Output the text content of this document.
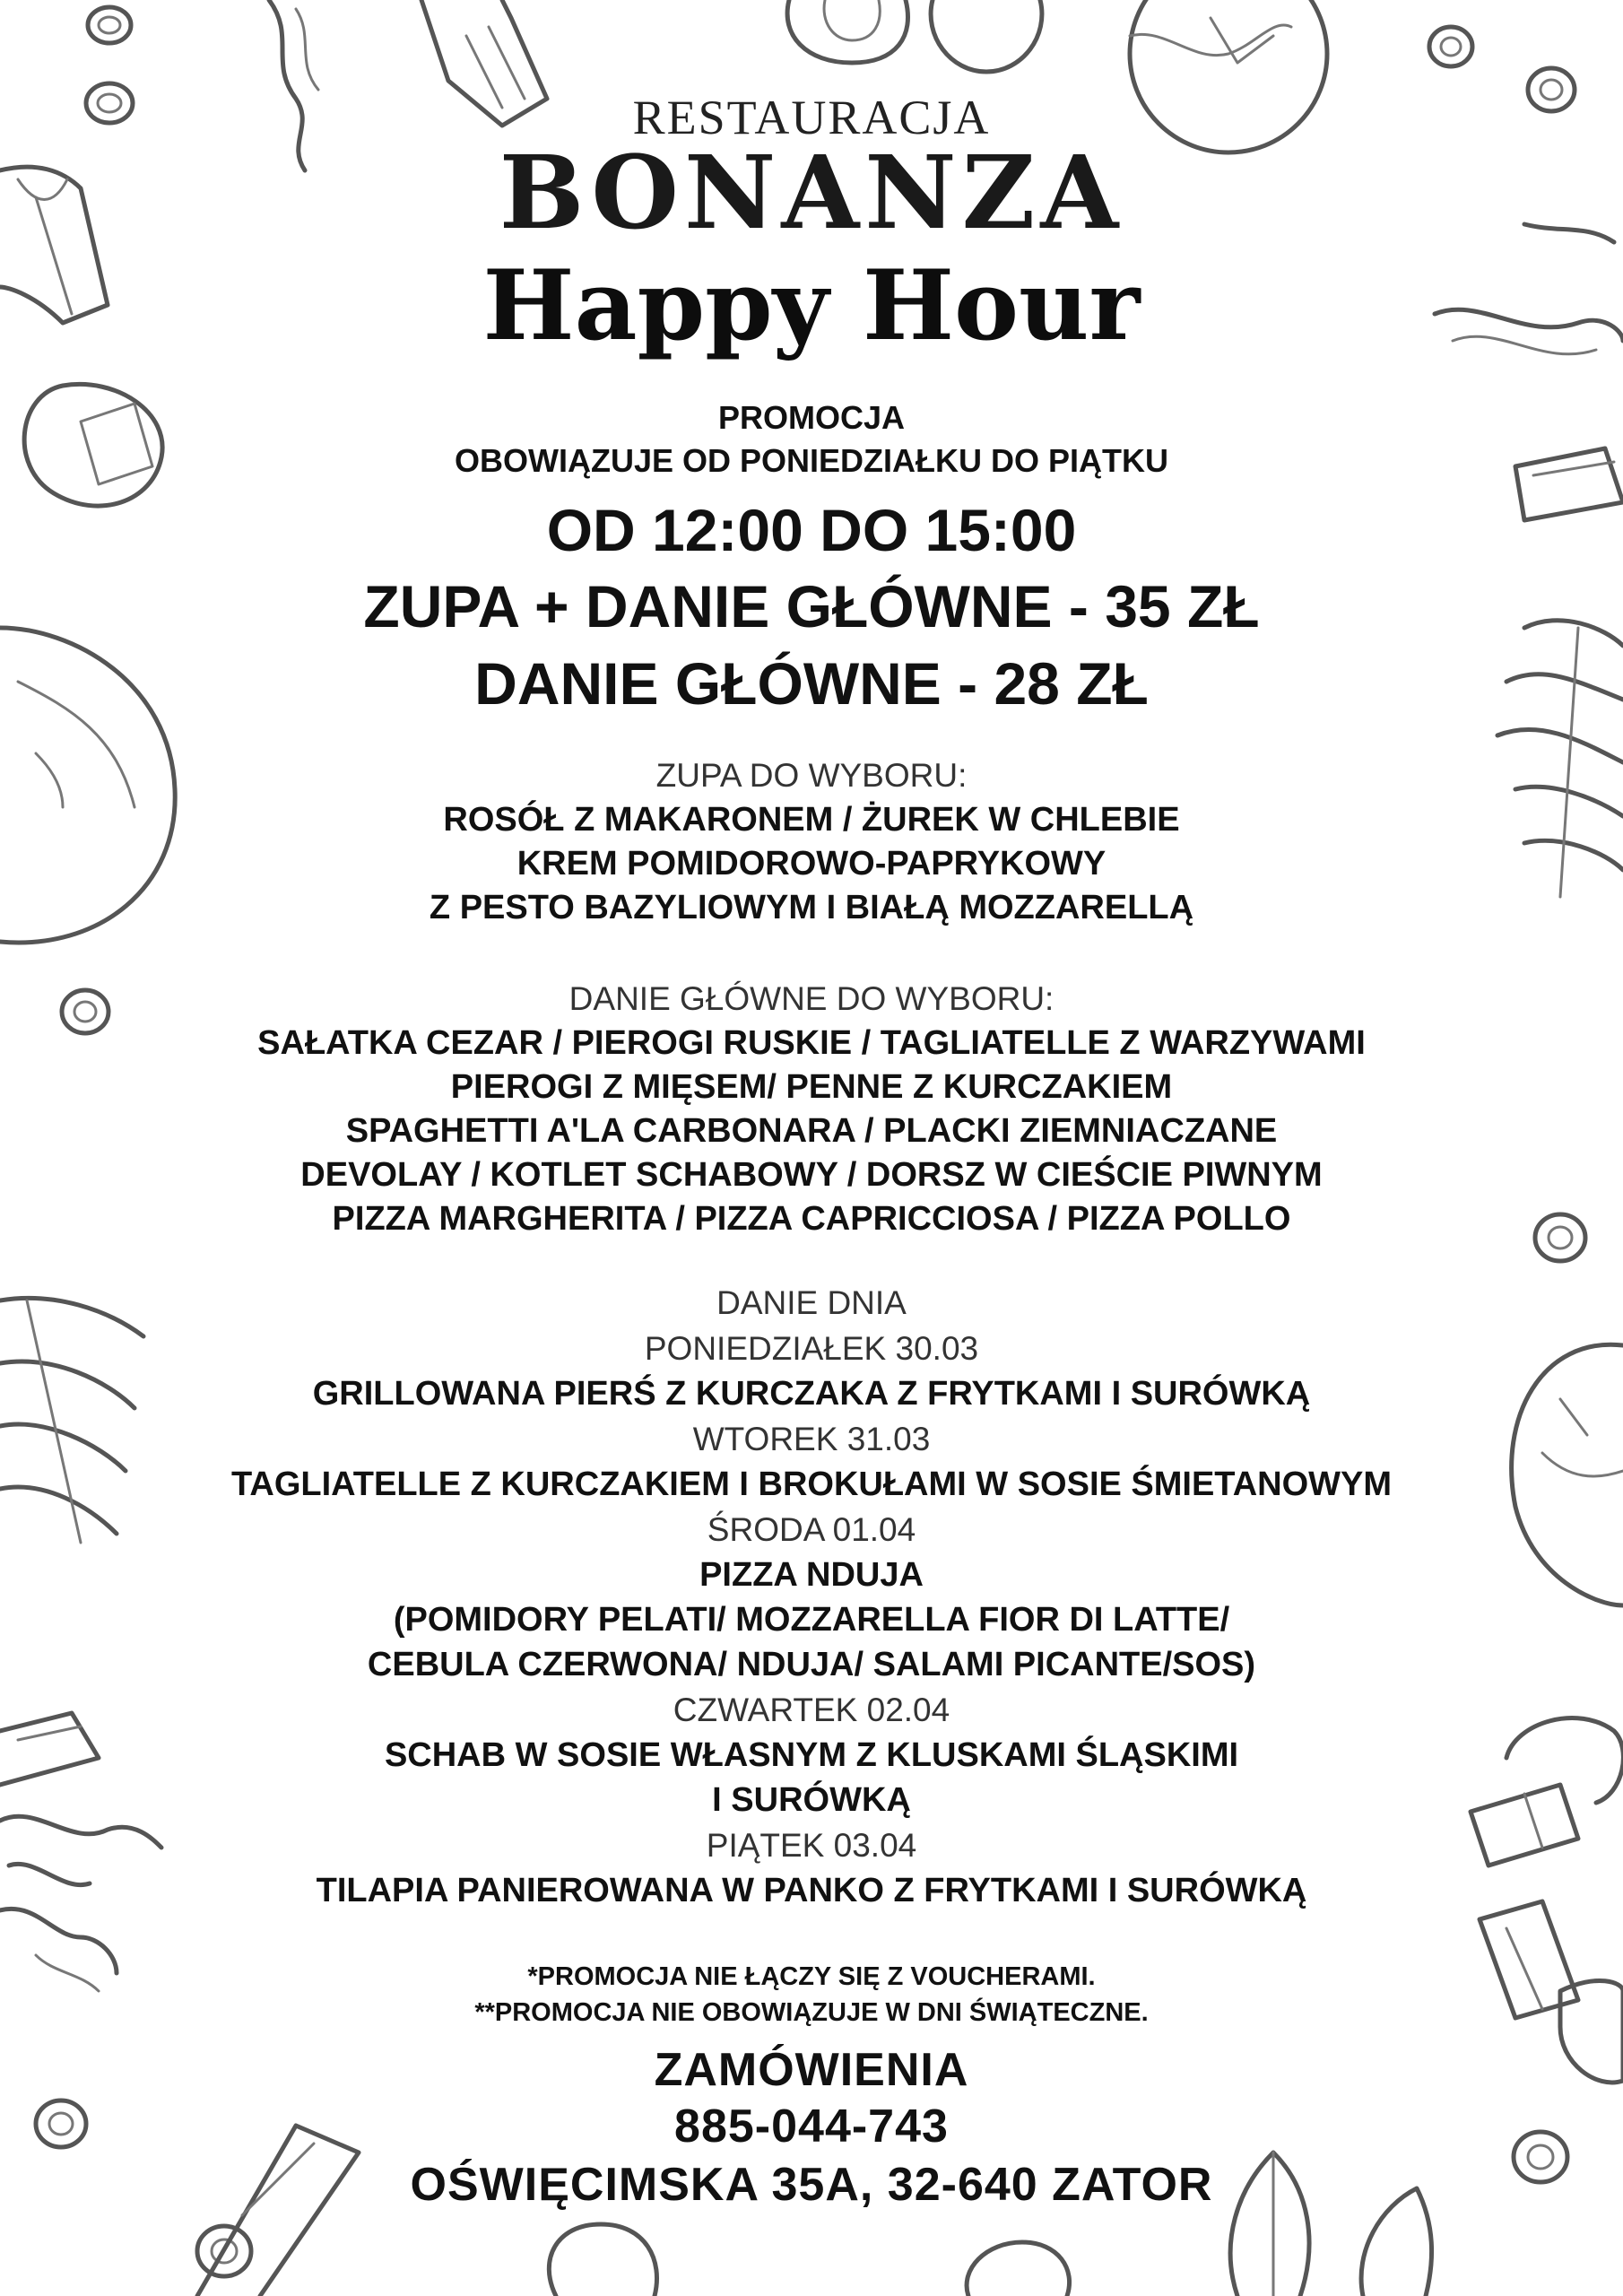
RESTAURACJA
BONANZA
Happy Hour
PROMOCJA
OBOWIĄZUJE OD PONIEDZIAŁKU DO PIĄTKU
OD 12:00 DO 15:00
ZUPA + DANIE GŁÓWNE - 35 ZŁ
DANIE GŁÓWNE - 28 ZŁ
ZUPA DO WYBORU:
ROSÓŁ Z MAKARONEM / ŻUREK W CHLEBIE
KREM POMIDOROWO-PAPRYKOWY
Z PESTO BAZYLIOWYM I BIAŁĄ MOZZARELLĄ
DANIE GŁÓWNE DO WYBORU:
SAŁATKA CEZAR / PIEROGI RUSKIE / TAGLIATELLE Z WARZYWAMI
PIEROGI Z MIĘSEM/ PENNE Z KURCZAKIEM
SPAGHETTI A'LA CARBONARA / PLACKI ZIEMNIACZANE
DEVOLAY / KOTLET SCHABOWY / DORSZ W CIEŚCIE PIWNYM
PIZZA MARGHERITA / PIZZA CAPRICCIOSA / PIZZA POLLO
DANIE DNIA
PONIEDZIAŁEK 30.03
GRILLOWANA PIERŚ Z KURCZAKA Z FRYTKAMI I SURÓWKĄ
WTOREK 31.03
TAGLIATELLE Z KURCZAKIEM I BROKUŁAMI W SOSIE ŚMIETANOWYM
ŚRODA 01.04
PIZZA NDUJA
(POMIDORY PELATI/ MOZZARELLA FIOR DI LATTE/
CEBULA CZERWONA/ NDUJA/ SALAMI PICANTE/SOS)
CZWARTEK 02.04
SCHAB W SOSIE WŁASNYM Z KLUSKAMI ŚLĄSKIMI
I SURÓWKĄ
PIĄTEK 03.04
TILAPIA PANIEROWANA W PANKO Z FRYTKAMI I SURÓWKĄ
*PROMOCJA NIE ŁĄCZY SIĘ Z VOUCHERAMI.
**PROMOCJA NIE OBOWIĄZUJE W DNI ŚWIĄTECZNE.
ZAMÓWIENIA
885-044-743
OŚWIĘCIMSKA 35A, 32-640 ZATOR
